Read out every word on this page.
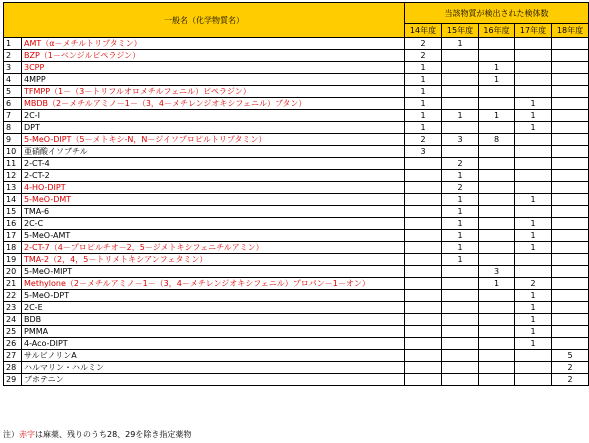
一般名（化学物質名）		当該物質が検出された検体数				
		14年度	15年度	16年度	17年度	18年度
1	AMT（α－メチルトリプタミン）	2	1			
2	BZP（1－ベンジルピペラジン）	2				
3	3CPP	1		1		
4	4MPP	1		1		
5	TFMPP（1－（3－トリフルオロメチルフェニル）ピペラジン）	1				
6	MBDB（2－メチルアミノ－1－（3，4－メチレンジオキシフェニル）ブタン）	1			1	
7	2C-I	1	1	1	1	
8	DPT	1			1	
9	5-MeO-DIPT（5－メトキシ-N，N－ジイソプロピルトリプタミン）	2	3	8		
10	亜硝酸イソブチル	3				
11	2-CT-4		2			
12	2-CT-2		1			
13	4-HO-DIPT		2			
14	5-MeO-DMT		1		1	
15	TMA-6		1			
16	2C-C		1		1	
17	5-MeO-AMT		1		1	
18	2-CT-7（4－プロピルチオ－2，5－ジメトキシフェニチルアミン）		1		1	
19	TMA-2（2，4，5－トリメトキシアンフェタミン）		1			
20	5-MeO-MIPT			3		
21	Methylone（2－メチルアミノ－1－（3，4－メチレンジオキシフェニル）プロパン－1－オン）			1	2	
22	5-MeO-DPT				1	
23	2C-E				1	
24	BDB				1	
25	PMMA				1	
26	4-Aco-DIPT				1	
27	サルビノリンA					5
28	ハルマリン・ハルミン					2
29	ブホテニン					2
注）赤字は麻薬、残りのうち28、29を除き指定薬物
